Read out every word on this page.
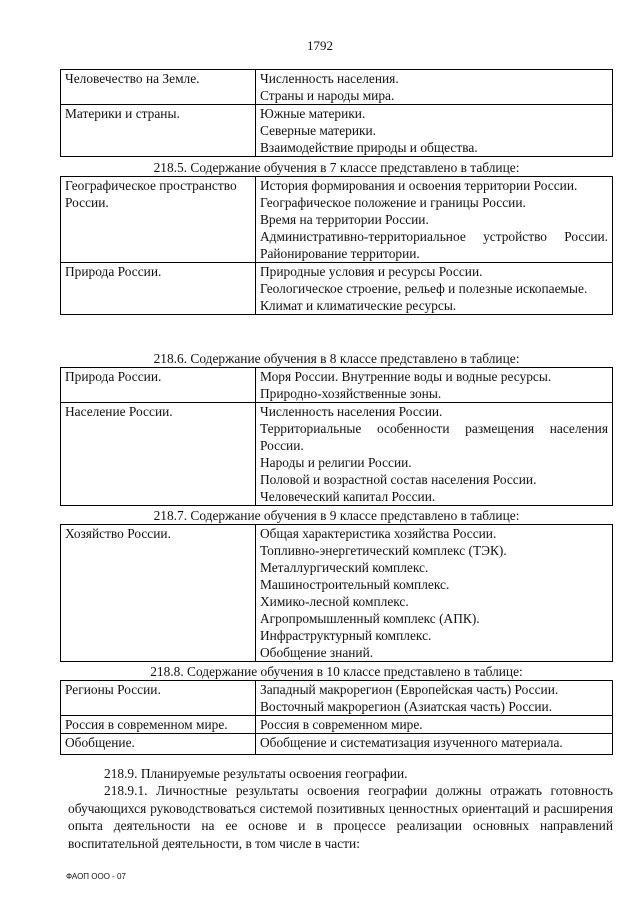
1792
Человечество на Земле.	Численность населения.
Страны и народы мира.

Материки и страны.	Южные материки.
Северные материки.
Взаимодействие природы и общества.
218.5. Содержание обучения в 7 классе представлено в таблице:
Географическое пространство России.	История формирования и освоения территории России.
Географическое положение и границы России.
Время на территории России.
Административно-территориальное устройство России. Районирование территории.

Природа России.	Природные условия и ресурсы России.
Геологическое строение, рельеф и полезные ископаемые.
Климат и климатические ресурсы.
218.6. Содержание обучения в 8 классе представлено в таблице:
Природа России.	Моря России. Внутренние воды и водные ресурсы.
Природно-хозяйственные зоны.

Население России.	Численность населения России.
Территориальные особенности размещения населения России.
Народы и религии России.
Половой и возрастной состав населения России.
Человеческий капитал России.
218.7. Содержание обучения в 9 классе представлено в таблице:
Хозяйство России.	Общая характеристика хозяйства России.
Топливно-энергетический комплекс (ТЭК).
Металлургический комплекс.
Машиностроительный комплекс.
Химико-лесной комплекс.
Агропромышленный комплекс (АПК).
Инфраструктурный комплекс.
Обобщение знаний.
218.8. Содержание обучения в 10 классе представлено в таблице:
Регионы России.	Западный макрорегион (Европейская часть) России.
Восточный макрорегион (Азиатская часть) России.

Россия в современном мире.	Россия в современном мире.

Обобщение.	Обобщение и систематизация изученного материала.
218.9. Планируемые результаты освоения географии.
218.9.1. Личностные результаты освоения географии должны отражать готовность обучающихся руководствоваться системой позитивных ценностных ориентаций и расширения опыта деятельности на ее основе и в процессе реализации основных направлений воспитательной деятельности, в том числе в части:
ФАОП ООО - 07
